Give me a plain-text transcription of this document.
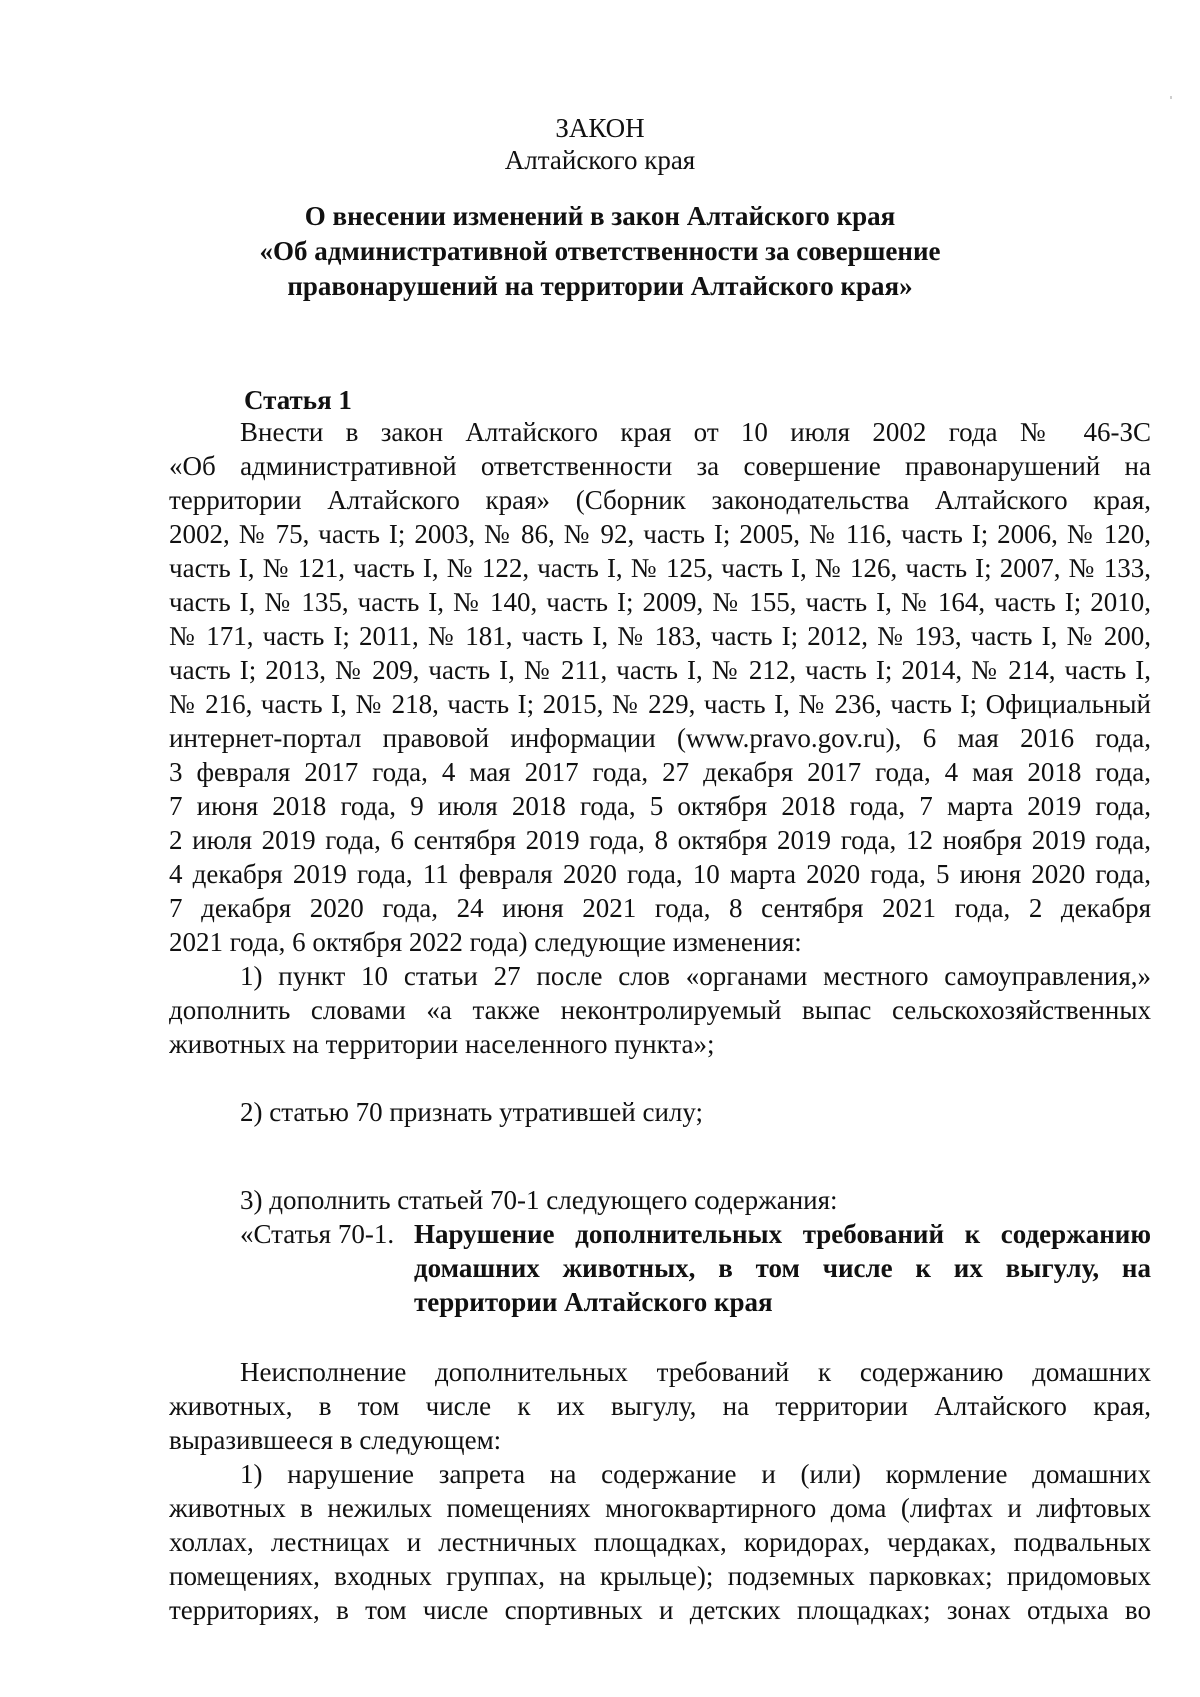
ЗАКОН
Алтайского края
О внесении изменений в закон Алтайского края
«Об административной ответственности за совершение
правонарушений на территории Алтайского края»
Статья 1
Внести в закон Алтайского края от 10 июля 2002 года № 46-ЗС
«Об административной ответственности за совершение правонарушений на
территории Алтайского края» (Сборник законодательства Алтайского края,
2002, № 75, часть I; 2003, № 86, № 92, часть I; 2005, № 116, часть I; 2006, № 120,
часть I, № 121, часть I, № 122, часть I, № 125, часть I, № 126, часть I; 2007, № 133,
часть I, № 135, часть I, № 140, часть I; 2009, № 155, часть I, № 164, часть I; 2010,
№ 171, часть I; 2011, № 181, часть I, № 183, часть I; 2012, № 193, часть I, № 200,
часть I; 2013, № 209, часть I, № 211, часть I, № 212, часть I; 2014, № 214, часть I,
№ 216, часть I, № 218, часть I; 2015, № 229, часть I, № 236, часть I; Официальный
интернет-портал правовой информации (www.pravo.gov.ru), 6 мая 2016 года,
3 февраля 2017 года, 4 мая 2017 года, 27 декабря 2017 года, 4 мая 2018 года,
7 июня 2018 года, 9 июля 2018 года, 5 октября 2018 года, 7 марта 2019 года,
2 июля 2019 года, 6 сентября 2019 года, 8 октября 2019 года, 12 ноября 2019 года,
4 декабря 2019 года, 11 февраля 2020 года, 10 марта 2020 года, 5 июня 2020 года,
7 декабря 2020 года, 24 июня 2021 года, 8 сентября 2021 года, 2 декабря
2021 года, 6 октября 2022 года) следующие изменения:
1) пункт 10 статьи 27 после слов «органами местного самоуправления,»
дополнить словами «а также неконтролируемый выпас сельскохозяйственных
животных на территории населенного пункта»;
2) статью 70 признать утратившей силу;
3) дополнить статьей 70-1 следующего содержания:
«Статья 70-1. Нарушение дополнительных требований к содержанию
домашних животных, в том числе к их выгулу, на
территории Алтайского края
Неисполнение дополнительных требований к содержанию домашних
животных, в том числе к их выгулу, на территории Алтайского края,
выразившееся в следующем:
1) нарушение запрета на содержание и (или) кормление домашних
животных в нежилых помещениях многоквартирного дома (лифтах и лифтовых
холлах, лестницах и лестничных площадках, коридорах, чердаках, подвальных
помещениях, входных группах, на крыльце); подземных парковках; придомовых
территориях, в том числе спортивных и детских площадках; зонах отдыха во
